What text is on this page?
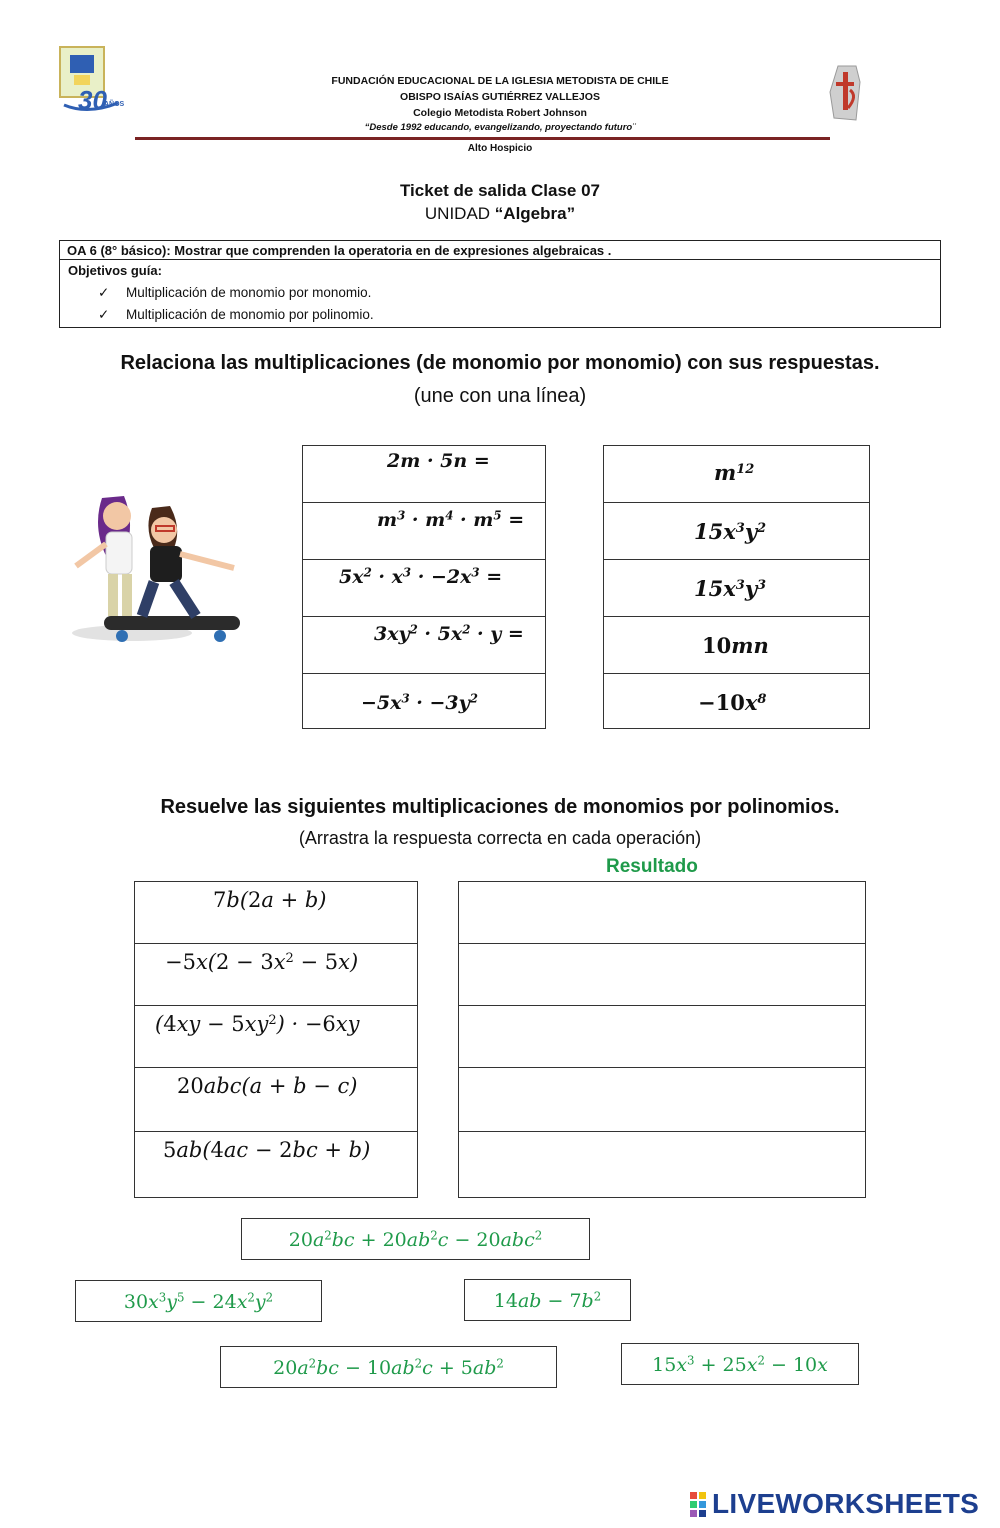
30
AÑOS
FUNDACIÓN EDUCACIONAL DE LA IGLESIA METODISTA DE CHILE
OBISPO ISAÍAS GUTIÉRREZ VALLEJOS
Colegio Metodista Robert Johnson
“Desde 1992 educando, evangelizando, proyectando futuro¨
Alto Hospicio
Ticket de salida Clase 07
UNIDAD “Algebra”
OA 6 (8° básico): Mostrar que comprenden la operatoria en de expresiones algebraicas .
Objetivos guía:
✓ Multiplicación de monomio por monomio.
✓ Multiplicación de monomio por polinomio.
Relaciona las multiplicaciones (de monomio por monomio) con sus respuestas.
(une con una línea)
2m · 5n =
$m^3 \cdot m^4 \cdot m^5$ =
$5x^2 \cdot x^3 \cdot -2x^3$ =
$3xy^2 \cdot 5x^2 \cdot y$ =
$-5x^3 \cdot -3y^2$
$m^{12}$
$15x^3y^2$
$15x^3y^3$
10mn
$-10x^8$
Resuelve las siguientes multiplicaciones de monomios por polinomios.
(Arrastra la respuesta correcta en cada operación)
Resultado
7b(2a + b)
$-5x(2 - 3x^2 - 5x)$
$(4xy - 5xy^2) \cdot -6xy$
20abc(a + b − c)
5ab(4ac − 2bc + b)
$20a^2bc + 20ab^2c - 20abc^2$
$30x^3y^5 - 24x^2y^2$	$14ab - 7b^2$
$20a^2bc - 10ab^2c + 5ab^2$	$15x^3 + 25x^2 - 10x$
LIVEWORKSHEETS
